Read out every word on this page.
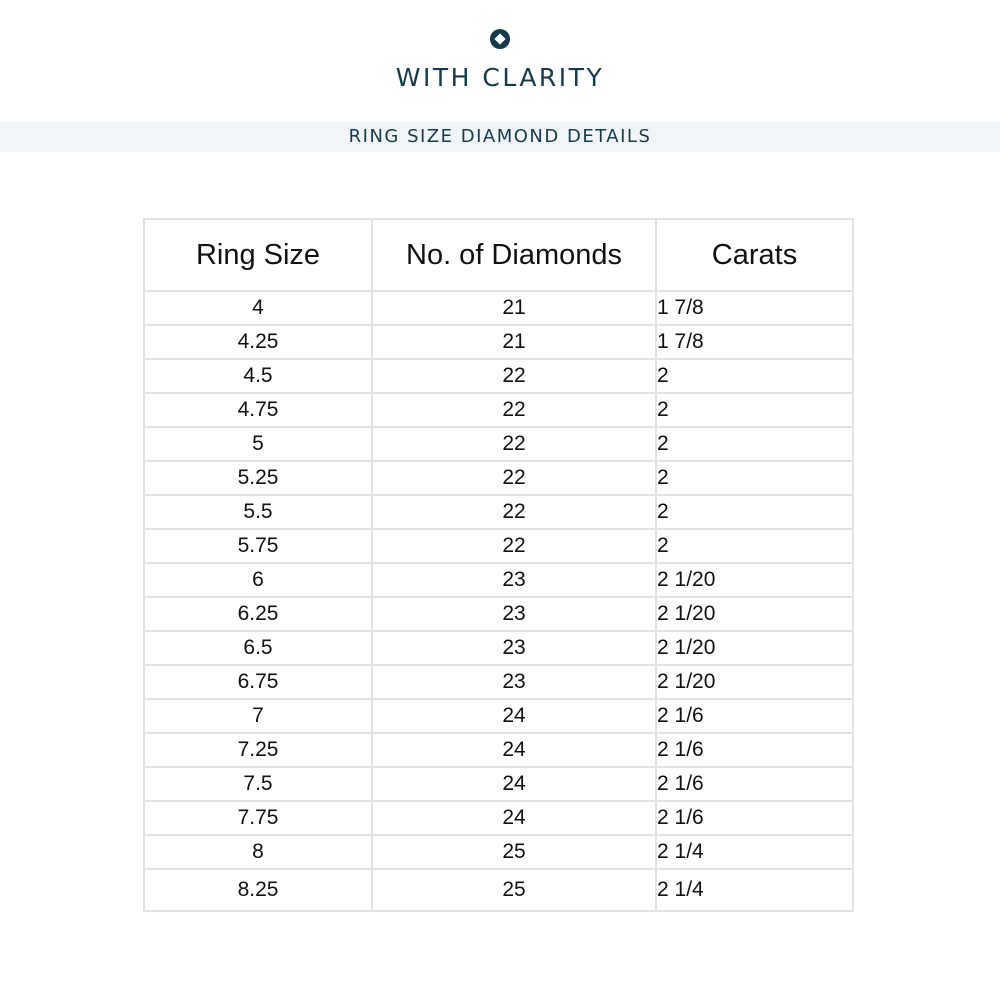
WITH CLARITY
RING SIZE DIAMOND DETAILS
Ring Size	No. of Diamonds	Carats
4	21	1 7/8
4.25	21	1 7/8
4.5	22	2
4.75	22	2
5	22	2
5.25	22	2
5.5	22	2
5.75	22	2
6	23	2 1/20
6.25	23	2 1/20
6.5	23	2 1/20
6.75	23	2 1/20
7	24	2 1/6
7.25	24	2 1/6
7.5	24	2 1/6
7.75	24	2 1/6
8	25	2 1/4
8.25	25	2 1/4
